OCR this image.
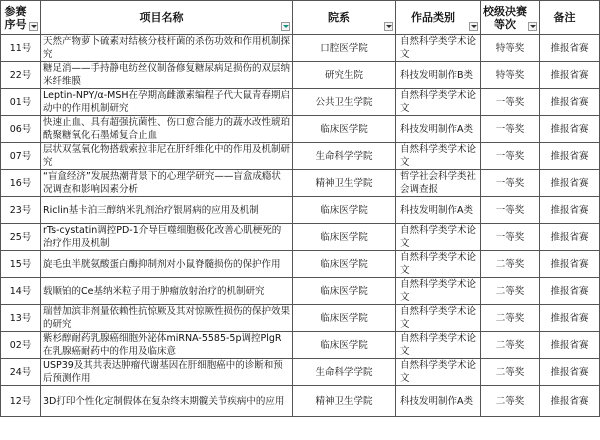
参赛序号	项目名称	院系	作品类别	校级决赛等次	备注

11号	天然产物萝卜硫素对结核分枝杆菌的杀伤功效和作用机制探究	口腔医学院	自然科学类学术论文	特等奖	推报省赛
22号	糖足消——手持静电纺丝仪制备修复糖尿病足损伤的双层纳米纤维膜	研究生院	科技发明制作B类	特等奖	推报省赛
01号	Leptin-NPY/α-MSH在孕期高雌激素编程子代大鼠青春期启动中的作用机制研究	公共卫生学院	自然科学类学术论文	一等奖	推报省赛
06号	快速止血、具有超强抗菌性、伤口愈合能力的蔬水改性琥珀酰聚糖氧化石墨烯复合止血	临床医学院	科技发明制作A类	一等奖	推报省赛
07号	层状双氢氧化物搭载索拉非尼在肝纤维化中的作用及机制研究	生命科学学院	自然科学类学术论文	一等奖	推报省赛
16号	“盲盒经济”发展热潮背景下的心理学研究——盲盒成瘾状况调查和影响因素分析	精神卫生学院	哲学社会科学类社会调查报	一等奖	推报省赛
23号	Riclin基卡泊三醇纳米乳剂治疗银屑病的应用及机制	临床医学院	科技发明制作A类	一等奖	推报省赛
25号	rTs-cystatin调控PD-1介导巨噬细胞极化改善心肌梗死的治疗作用及机制	临床医学院	自然科学类学术论文	一等奖	推报省赛
15号	旋毛虫半胱氨酸蛋白酶抑制剂对小鼠脊髓损伤的保护作用	临床医学院	自然科学类学术论文	二等奖	推报省赛
14号	载顺铂的Ce基纳米粒子用于肿瘤放射治疗的机制研究	临床医学院	自然科学类学术论文	二等奖	推报省赛
13号	瑞替加滨非剂量依赖性抗惊厥及其对惊厥性损伤的保护效果的研究	临床医学院	自然科学类学术论文	二等奖	推报省赛
02号	紫杉醇耐药乳腺癌细胞外泌体miRNA-5585-5p调控PlgR在乳腺癌耐药中的作用及临床意	临床医学院	自然科学类学术论文	二等奖	推报省赛
24号	USP39及其共表达肿瘤代谢基因在肝细胞癌中的诊断和预后预测作用	生命科学学院	自然科学类学术论文	二等奖	推报省赛
12号	3D打印个性化定制假体在复杂终末期髋关节疾病中的应用	精神卫生学院	科技发明制作A类	二等奖	推报省赛
